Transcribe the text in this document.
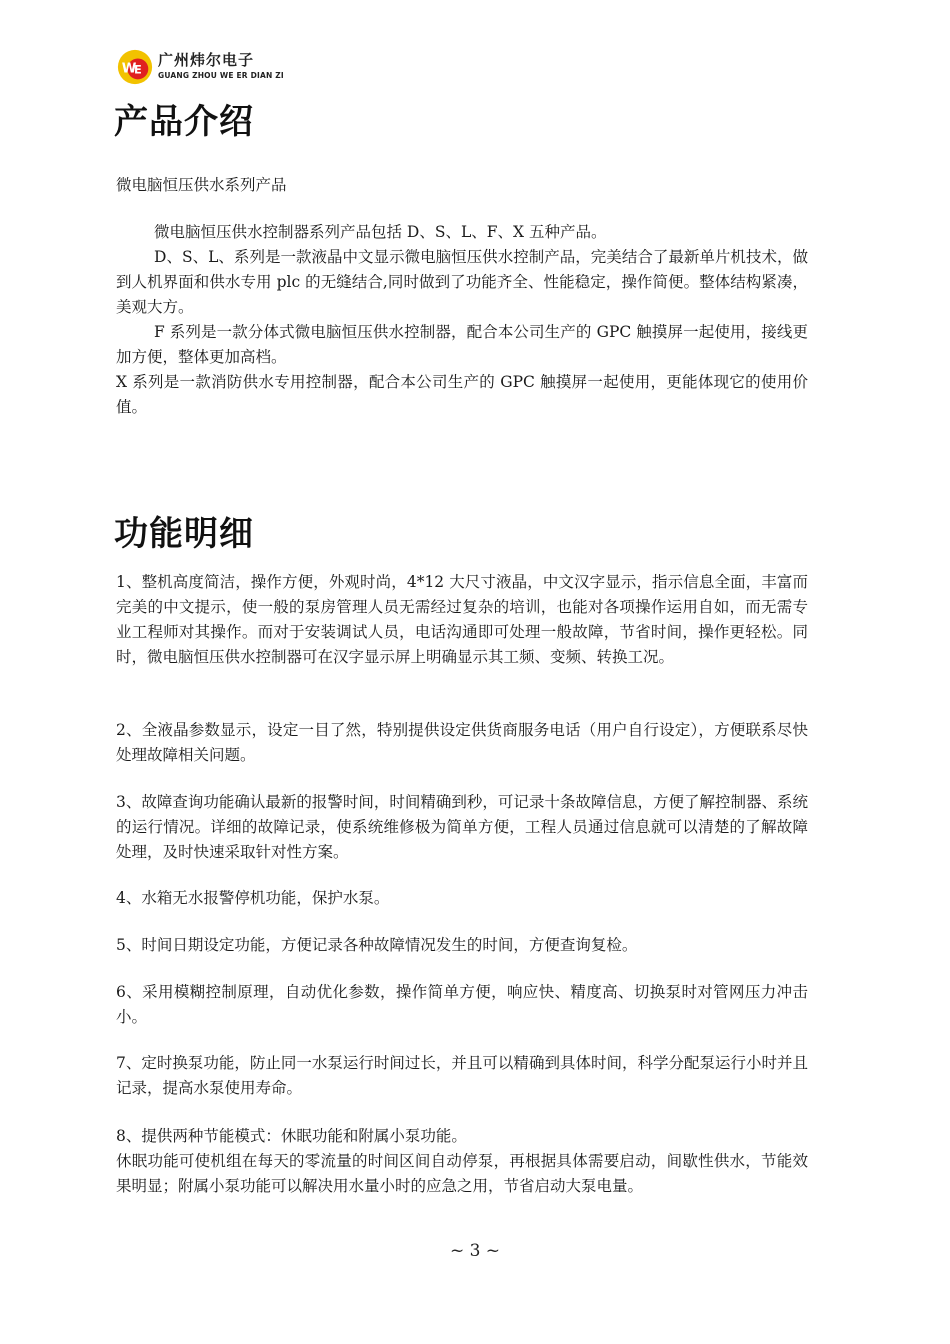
W
E
广州炜尔电子
GUANG ZHOU WE ER DIAN ZI
产品介绍

微电脑恒压供水系列产品

微电脑恒压供水控制器系列产品包括 D、S、L、F、X 五种产品。

D、S、L、系列是一款液晶中文显示微电脑恒压供水控制产品，完美结合了最新单片机技术，做到人机界面和供水专用 plc 的无缝结合,同时做到了功能齐全、性能稳定，操作简便。整体结构紧凑，美观大方。

F 系列是一款分体式微电脑恒压供水控制器，配合本公司生产的 GPC 触摸屏一起使用，接线更加方便，整体更加高档。

X 系列是一款消防供水专用控制器，配合本公司生产的 GPC 触摸屏一起使用，更能体现它的使用价值。

功能明细

1、整机高度简洁，操作方便，外观时尚，4*12 大尺寸液晶，中文汉字显示，指示信息全面，丰富而完美的中文提示，使一般的泵房管理人员无需经过复杂的培训，也能对各项操作运用自如，而无需专业工程师对其操作。而对于安装调试人员，电话沟通即可处理一般故障，节省时间，操作更轻松。同时，微电脑恒压供水控制器可在汉字显示屏上明确显示其工频、变频、转换工况。

2、全液晶参数显示，设定一目了然，特别提供设定供货商服务电话（用户自行设定），方便联系尽快处理故障相关问题。

3、故障查询功能确认最新的报警时间，时间精确到秒，可记录十条故障信息，方便了解控制器、系统的运行情况。详细的故障记录，使系统维修极为简单方便，工程人员通过信息就可以清楚的了解故障处理，及时快速采取针对性方案。

4、水箱无水报警停机功能，保护水泵。

5、时间日期设定功能，方便记录各种故障情况发生的时间，方便查询复检。

6、采用模糊控制原理，自动优化参数，操作简单方便，响应快、精度高、切换泵时对管网压力冲击小。

7、定时换泵功能，防止同一水泵运行时间过长，并且可以精确到具体时间，科学分配泵运行小时并且记录，提高水泵使用寿命。

8、提供两种节能模式：休眠功能和附属小泵功能。

休眠功能可使机组在每天的零流量的时间区间自动停泵，再根据具体需要启动，间歇性供水，节能效果明显；附属小泵功能可以解决用水量小时的应急之用，节省启动大泵电量。

~ 3 ~
